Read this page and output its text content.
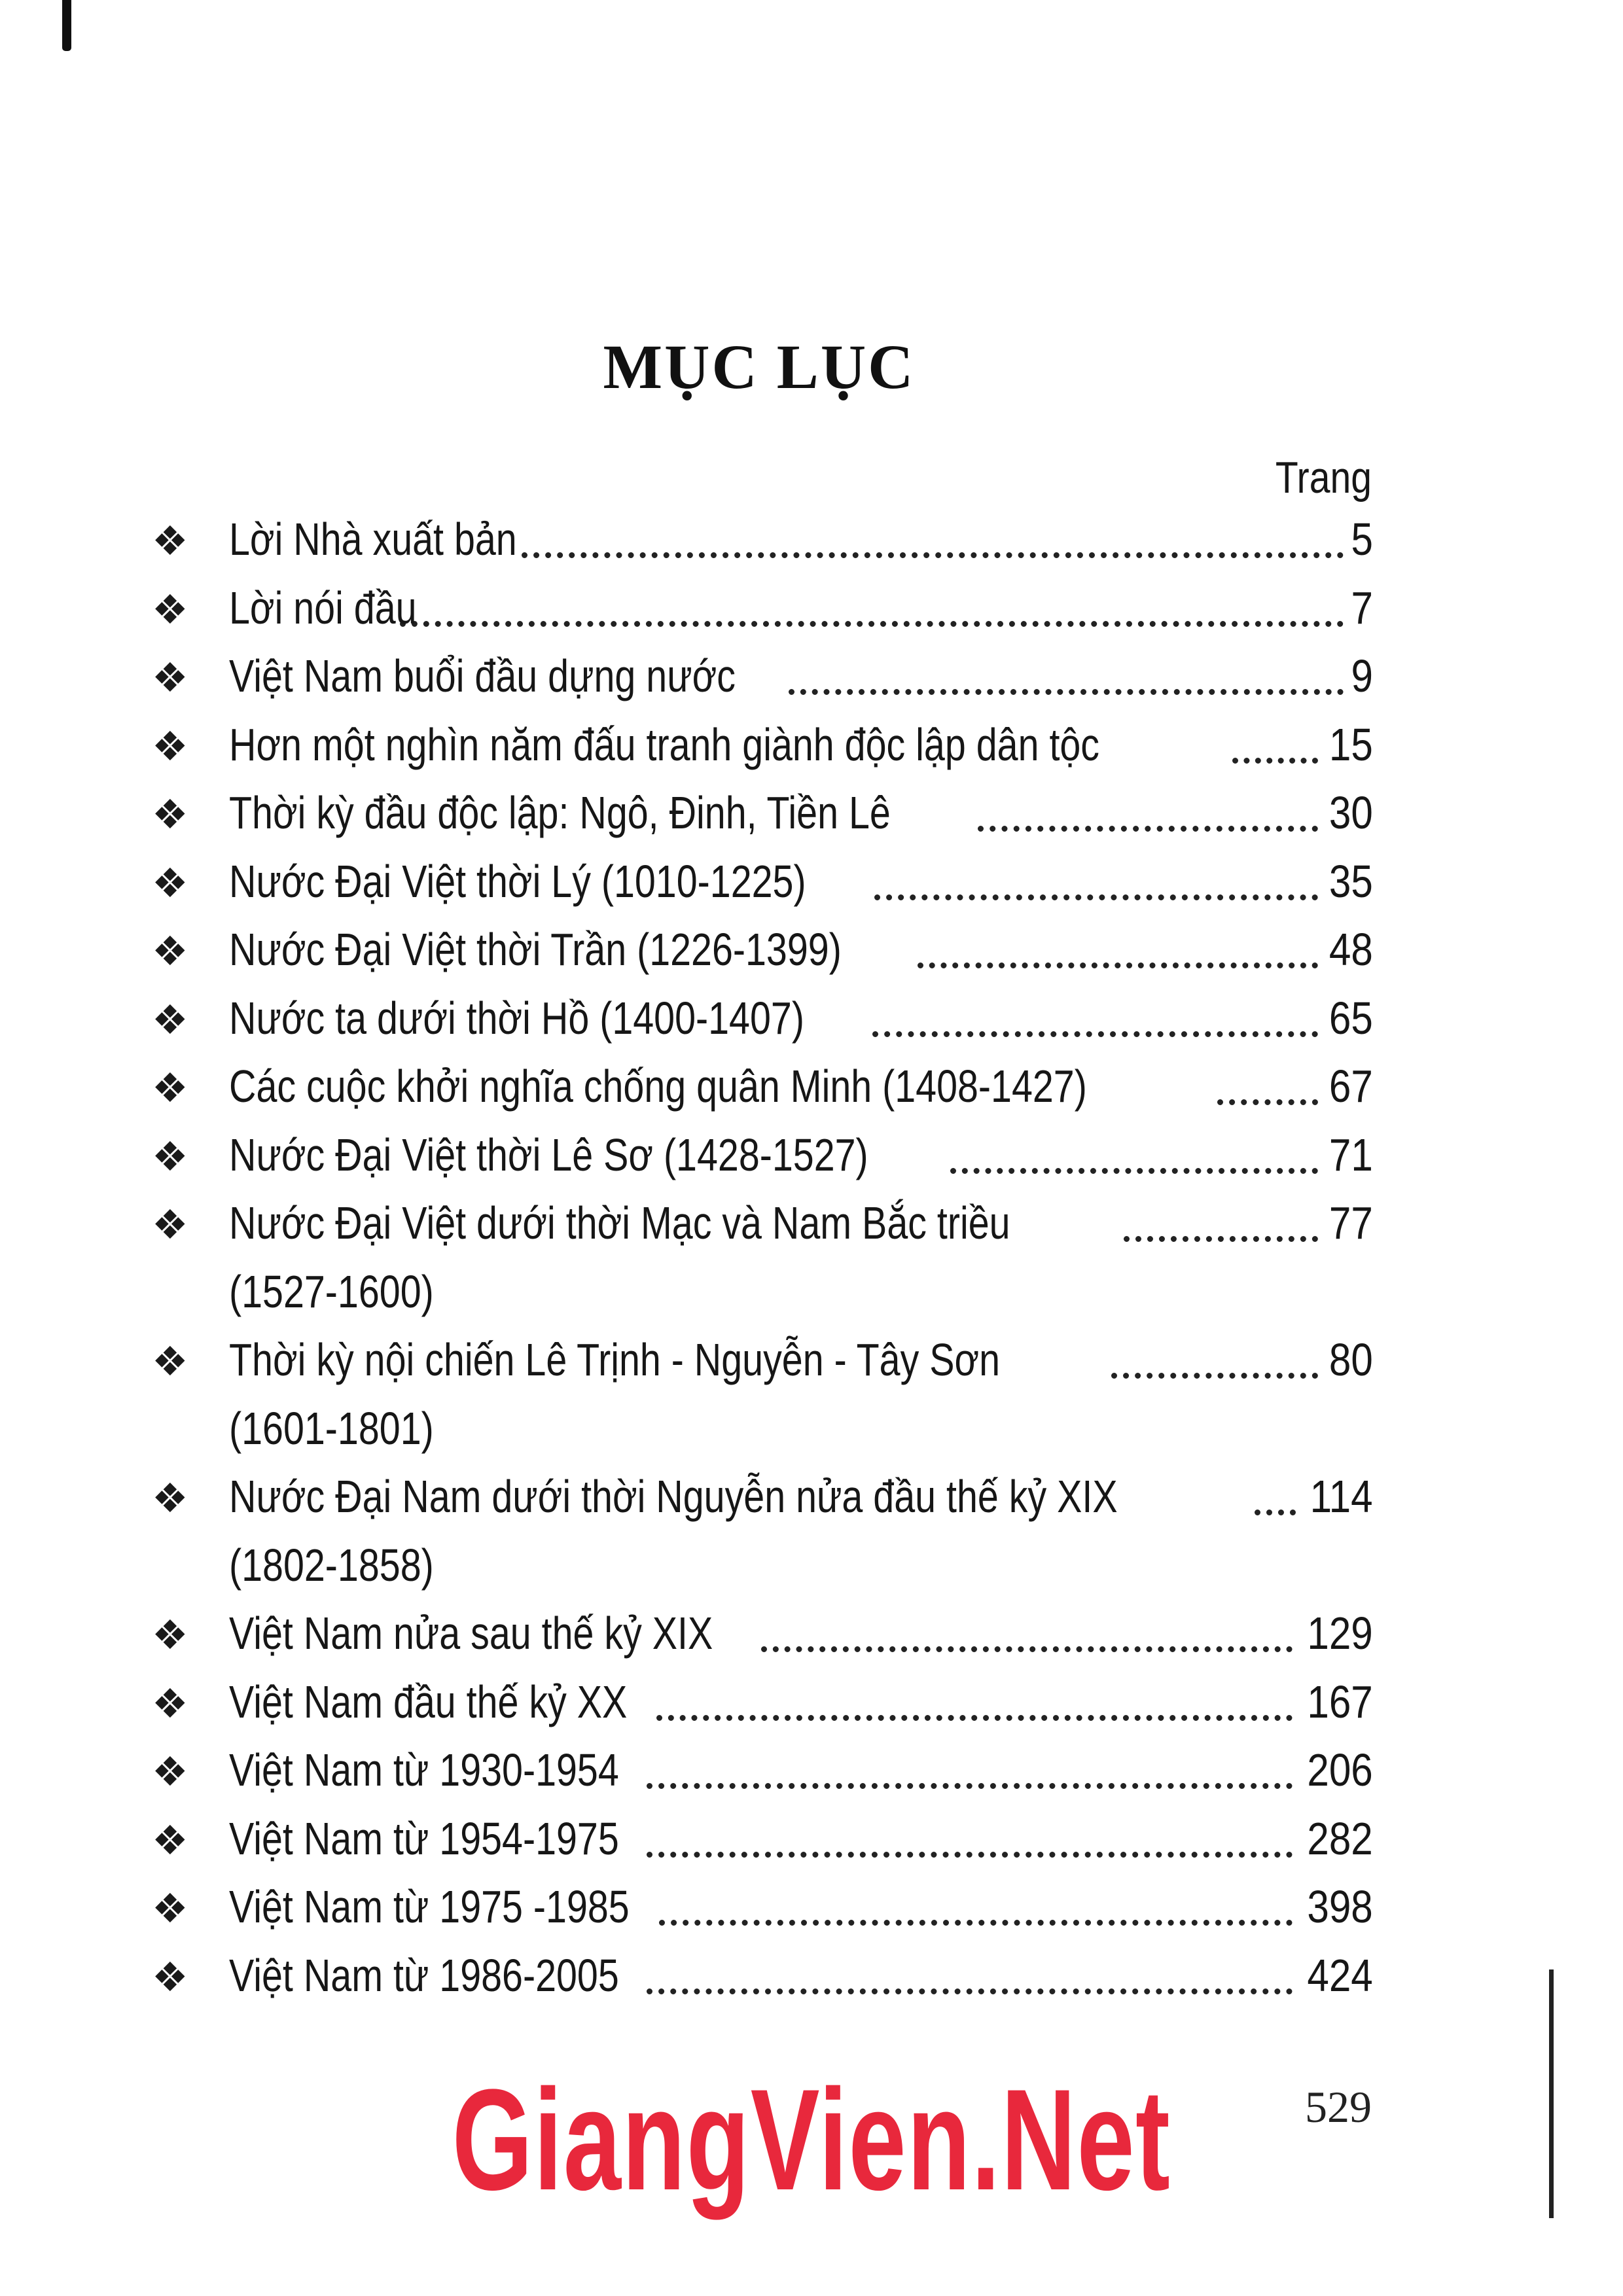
MỤC LỤC
Trang
❖ Lời Nhà xuất bản	5
❖ Lời nói đầu	7
❖ Việt Nam buổi đầu dựng nước	9
❖ Hơn một nghìn năm đấu tranh giành độc lập dân tộc	15
❖ Thời kỳ đầu độc lập: Ngô, Đinh, Tiền Lê	30
❖ Nước Đại Việt thời Lý (1010-1225)	35
❖ Nước Đại Việt thời Trần (1226-1399)	48
❖ Nước ta dưới thời Hồ (1400-1407)	65
❖ Các cuộc khởi nghĩa chống quân Minh (1408-1427)	67
❖ Nước Đại Việt thời Lê Sơ (1428-1527)	71
❖ Nước Đại Việt dưới thời Mạc và Nam Bắc triều	77
(1527-1600)
❖ Thời kỳ nội chiến Lê Trịnh - Nguyễn - Tây Sơn	80
(1601-1801)
❖ Nước Đại Nam dưới thời Nguyễn nửa đầu thế kỷ XIX	114
(1802-1858)
❖ Việt Nam nửa sau thế kỷ XIX	129
❖ Việt Nam đầu thế kỷ XX	167
❖ Việt Nam từ 1930-1954	206
❖ Việt Nam từ 1954-1975	282
❖ Việt Nam từ 1975 -1985	398
❖ Việt Nam từ 1986-2005	424
529
GiangVien.Net
